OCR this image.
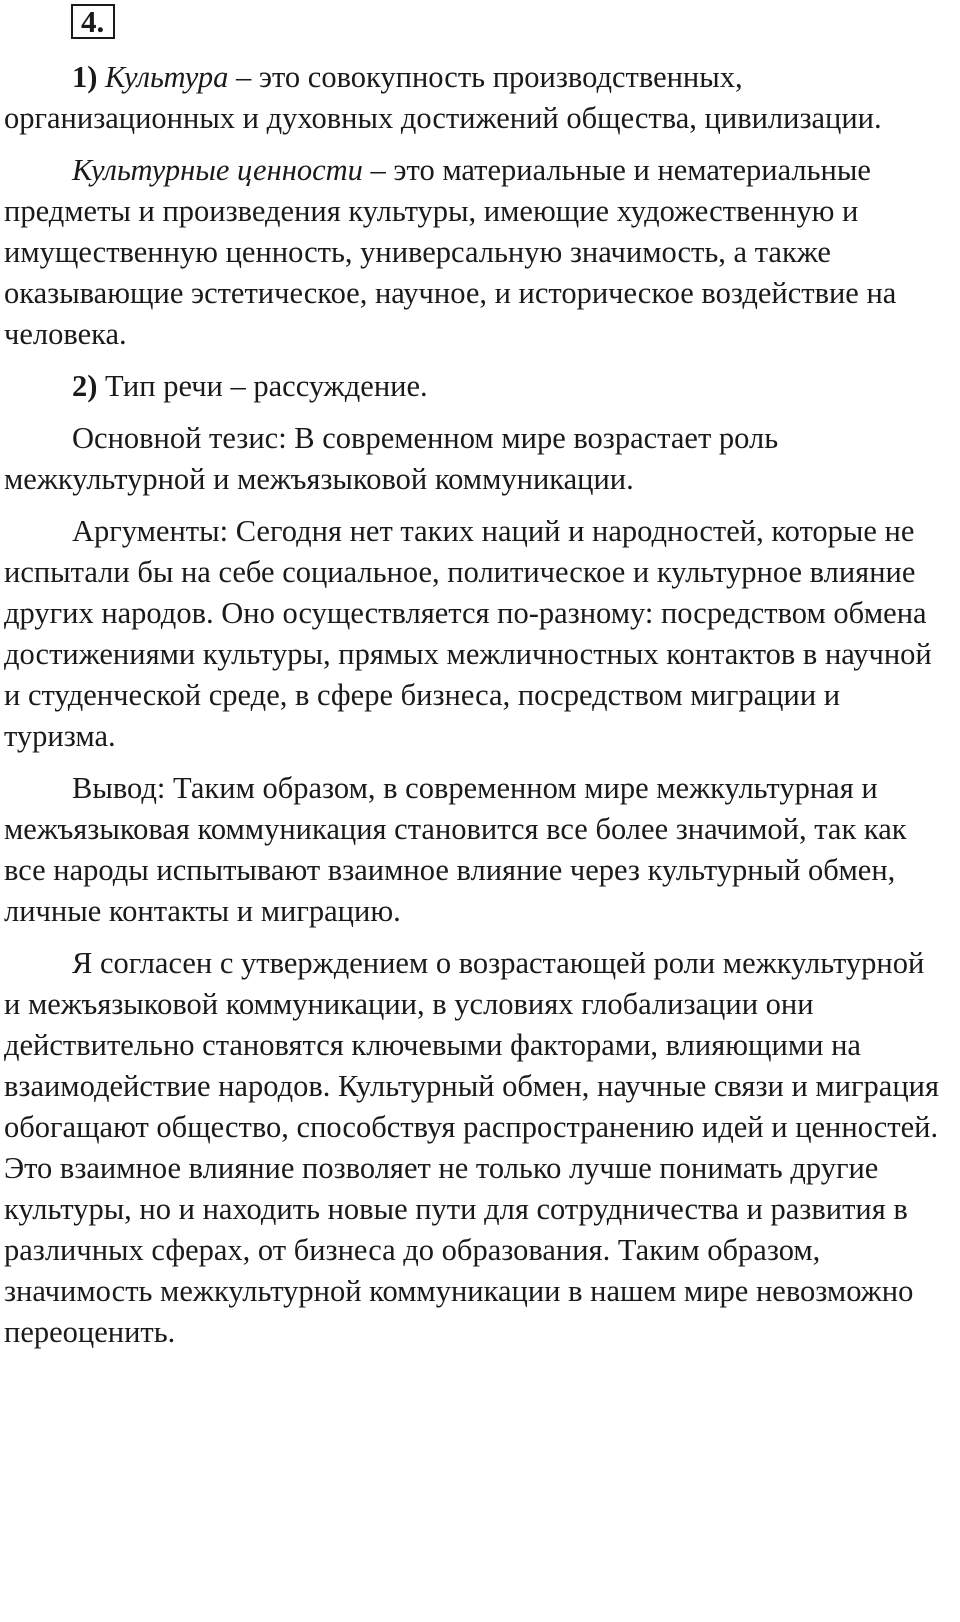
4.

1) Культура – это совокупность производственных, организационных и духовных достижений общества, цивилизации.

Культурные ценности – это материальные и нематериальные предметы и произведения культуры, имеющие художественную и имущественную ценность, универсальную значимость, а также оказывающие эстетическое, научное, и историческое воздействие на человека.

2) Тип речи – рассуждение.

Основной тезис: В современном мире возрастает роль межкультурной и межъязыковой коммуникации.

Аргументы: Сегодня нет таких наций и народностей, которые не испытали бы на себе социальное, политическое и культурное влияние других народов. Оно осуществляется по-разному: посредством обмена достижениями культуры, прямых межличностных контактов в научной и студенческой среде, в сфере бизнеса, посредством миграции и туризма.

Вывод: Таким образом, в современном мире межкультурная и межъязыковая коммуникация становится все более значимой, так как все народы испытывают взаимное влияние через культурный обмен, личные контакты и миграцию.

Я согласен с утверждением о возрастающей роли межкультурной и межъязыковой коммуникации, в условиях глобализации они действительно становятся ключевыми факторами, влияющими на взаимодействие народов. Культурный обмен, научные связи и миграция обогащают общество, способствуя распространению идей и ценностей. Это взаимное влияние позволяет не только лучше понимать другие культуры, но и находить новые пути для сотрудничества и развития в различных сферах, от бизнеса до образования. Таким образом, значимость межкультурной коммуникации в нашем мире невозможно переоценить.
